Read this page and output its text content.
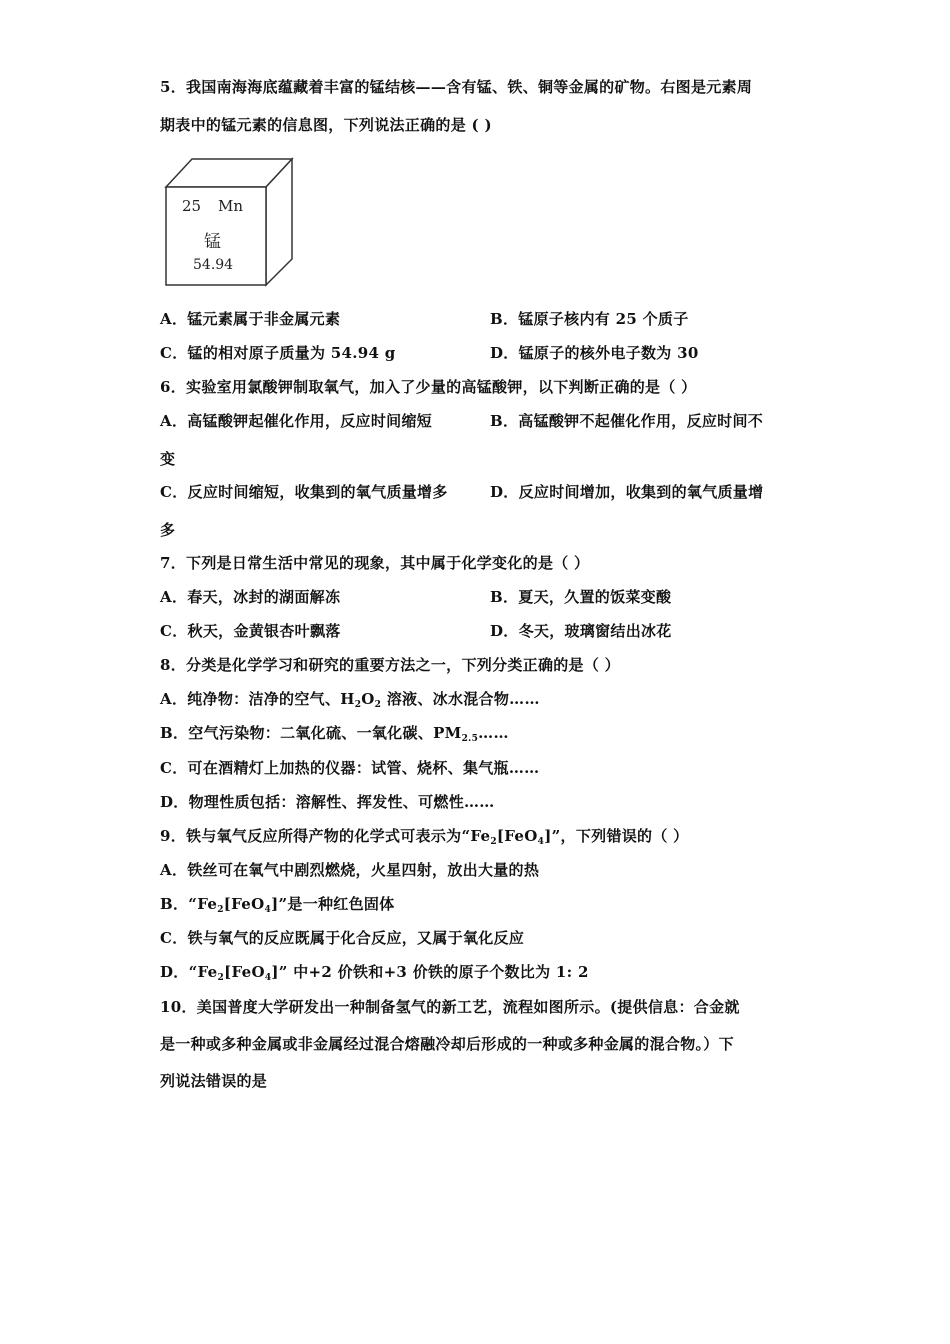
5．我国南海海底蕴藏着丰富的锰结核——含有锰、铁、铜等金属的矿物。右图是元素周
期表中的锰元素的信息图，下列说法正确的是 ( )
25 Mn
锰
54.94
A．锰元素属于非金属元素	B．锰原子核内有 25 个质子
C．锰的相对原子质量为 54.94 g	D．锰原子的核外电子数为 30
6．实验室用氯酸钾制取氧气，加入了少量的高锰酸钾，以下判断正确的是（ ）
A．高锰酸钾起催化作用，反应时间缩短	B．高锰酸钾不起催化作用，反应时间不
变
C．反应时间缩短，收集到的氧气质量增多	D．反应时间增加，收集到的氧气质量增
多
7．下列是日常生活中常见的现象，其中属于化学变化的是（ ）
A．春天，冰封的湖面解冻	B．夏天，久置的饭菜变酸
C．秋天，金黄银杏叶飘落	D．冬天，玻璃窗结出冰花
8．分类是化学学习和研究的重要方法之一，下列分类正确的是（ ）
A．纯净物：洁净的空气、$H_2O_2$ 溶液、冰水混合物……
B．空气污染物：二氧化硫、一氧化碳、$PM_{2.5}\dots\dots$
C．可在酒精灯上加热的仪器：试管、烧杯、集气瓶……
D．物理性质包括：溶解性、挥发性、可燃性……
9．铁与氧气反应所得产物的化学式可表示为“$Fe_2[FeO_4]$”，下列错误的（ ）
A．铁丝可在氧气中剧烈燃烧，火星四射，放出大量的热
B．“$Fe_2[FeO_4]$”是一种红色固体
C．铁与氧气的反应既属于化合反应，又属于氧化反应
D．“$Fe_2[FeO_4]$” 中+2 价铁和+3 价铁的原子个数比为 1: 2
10．美国普度大学研发出一种制备氢气的新工艺，流程如图所示。(提供信息：合金就
是一种或多种金属或非金属经过混合熔融冷却后形成的一种或多种金属的混合物。）下
列说法错误的是
